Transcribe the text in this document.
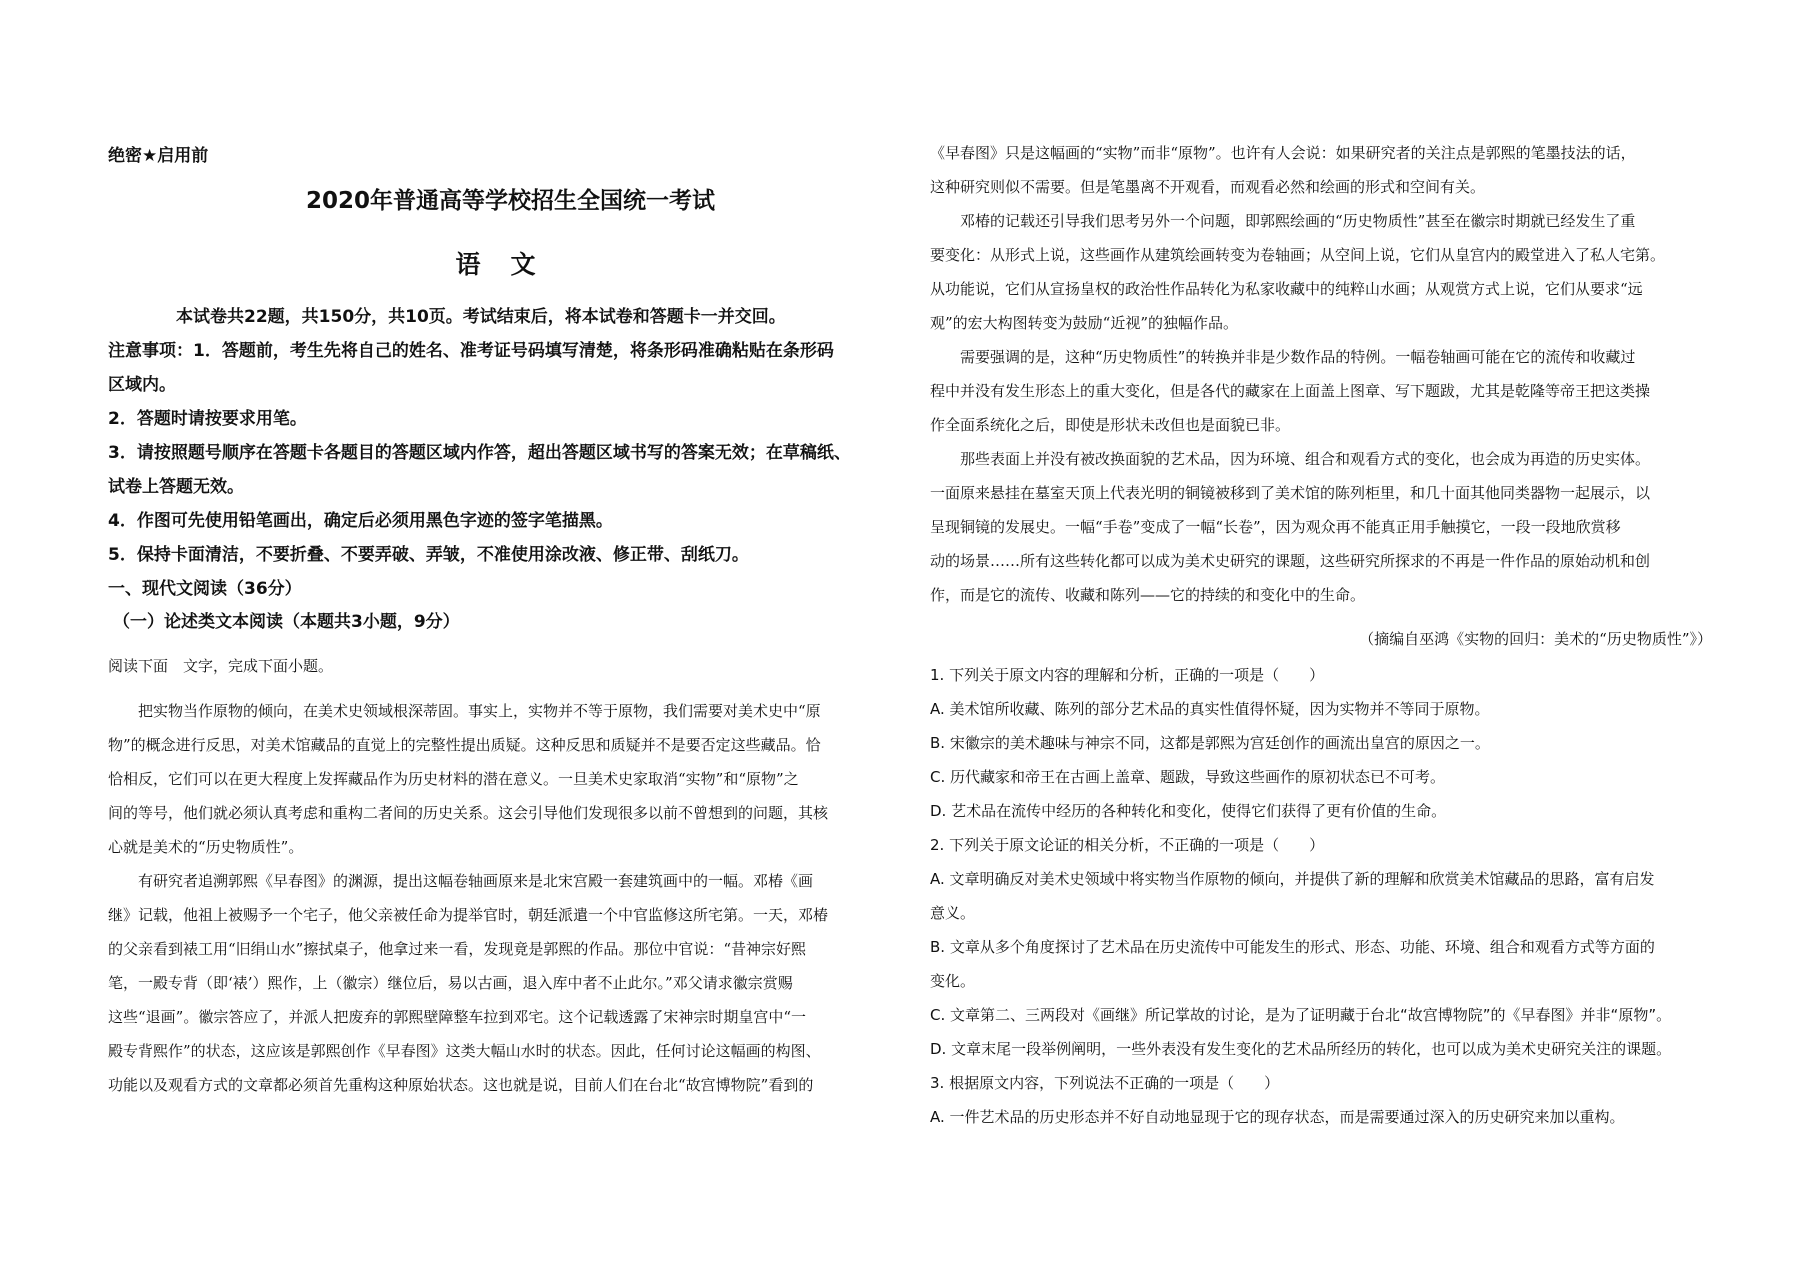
绝密★启用前
2020年普通高等学校招生全国统一考试
语文
本试卷共22题，共150分，共10页。考试结束后，将本试卷和答题卡一并交回。
注意事项：1．答题前，考生先将自己的姓名、准考证号码填写清楚，将条形码准确粘贴在条形码
区域内。
2．答题时请按要求用笔。
3．请按照题号顺序在答题卡各题目的答题区域内作答，超出答题区域书写的答案无效；在草稿纸、
试卷上答题无效。
4．作图可先使用铅笔画出，确定后必须用黑色字迹的签字笔描黑。
5．保持卡面清洁，不要折叠、不要弄破、弄皱，不准使用涂改液、修正带、刮纸刀。
一、现代文阅读（36分）
（一）论述类文本阅读（本题共3小题，9分）
阅读下面　文字，完成下面小题。
　　把实物当作原物的倾向，在美术史领域根深蒂固。事实上，实物并不等于原物，我们需要对美术史中“原
物”的概念进行反思，对美术馆藏品的直觉上的完整性提出质疑。这种反思和质疑并不是要否定这些藏品。恰
恰相反，它们可以在更大程度上发挥藏品作为历史材料的潜在意义。一旦美术史家取消“实物”和“原物”之
间的等号，他们就必须认真考虑和重构二者间的历史关系。这会引导他们发现很多以前不曾想到的问题，其核
心就是美术的“历史物质性”。
　　有研究者追溯郭熙《早春图》的渊源，提出这幅卷轴画原来是北宋宫殿一套建筑画中的一幅。邓椿《画
继》记载，他祖上被赐予一个宅子，他父亲被任命为提举官时，朝廷派遣一个中官监修这所宅第。一天，邓椿
的父亲看到裱工用“旧绢山水”擦拭桌子，他拿过来一看，发现竟是郭熙的作品。那位中官说：“昔神宗好熙
笔，一殿专背（即‘裱’）熙作，上（徽宗）继位后，易以古画，退入库中者不止此尔。”邓父请求徽宗赏赐
这些“退画”。徽宗答应了，并派人把废弃的郭熙壁障整车拉到邓宅。这个记载透露了宋神宗时期皇宫中“一
殿专背熙作”的状态，这应该是郭熙创作《早春图》这类大幅山水时的状态。因此，任何讨论这幅画的构图、
功能以及观看方式的文章都必须首先重构这种原始状态。这也就是说，目前人们在台北“故宫博物院”看到的
《早春图》只是这幅画的“实物”而非“原物”。也许有人会说：如果研究者的关注点是郭熙的笔墨技法的话，
这种研究则似不需要。但是笔墨离不开观看，而观看必然和绘画的形式和空间有关。
　　邓椿的记载还引导我们思考另外一个问题，即郭熙绘画的“历史物质性”甚至在徽宗时期就已经发生了重
要变化：从形式上说，这些画作从建筑绘画转变为卷轴画；从空间上说，它们从皇宫内的殿堂进入了私人宅第。
从功能说，它们从宣扬皇权的政治性作品转化为私家收藏中的纯粹山水画；从观赏方式上说，它们从要求“远
观”的宏大构图转变为鼓励“近视”的独幅作品。
　　需要强调的是，这种“历史物质性”的转换并非是少数作品的特例。一幅卷轴画可能在它的流传和收藏过
程中并没有发生形态上的重大变化，但是各代的藏家在上面盖上图章、写下题跋，尤其是乾隆等帝王把这类操
作全面系统化之后，即使是形状未改但也是面貌已非。
　　那些表面上并没有被改换面貌的艺术品，因为环境、组合和观看方式的变化，也会成为再造的历史实体。
一面原来悬挂在墓室天顶上代表光明的铜镜被移到了美术馆的陈列柜里，和几十面其他同类器物一起展示，以
呈现铜镜的发展史。一幅“手卷”变成了一幅“长卷”，因为观众再不能真正用手触摸它，一段一段地欣赏移
动的场景……所有这些转化都可以成为美术史研究的课题，这些研究所探求的不再是一件作品的原始动机和创
作，而是它的流传、收藏和陈列——它的持续的和变化中的生命。
（摘编自巫鸿《实物的回归：美术的“历史物质性”》）
1. 下列关于原文内容的理解和分析，正确的一项是（　　）
A. 美术馆所收藏、陈列的部分艺术品的真实性值得怀疑，因为实物并不等同于原物。
B. 宋徽宗的美术趣味与神宗不同，这都是郭熙为宫廷创作的画流出皇宫的原因之一。
C. 历代藏家和帝王在古画上盖章、题跋，导致这些画作的原初状态已不可考。
D. 艺术品在流传中经历的各种转化和变化，使得它们获得了更有价值的生命。
2. 下列关于原文论证的相关分析，不正确的一项是（　　）
A. 文章明确反对美术史领域中将实物当作原物的倾向，并提供了新的理解和欣赏美术馆藏品的思路，富有启发
意义。
B. 文章从多个角度探讨了艺术品在历史流传中可能发生的形式、形态、功能、环境、组合和观看方式等方面的
变化。
C. 文章第二、三两段对《画继》所记掌故的讨论，是为了证明藏于台北“故宫博物院”的《早春图》并非“原物”。
D. 文章末尾一段举例阐明，一些外表没有发生变化的艺术品所经历的转化，也可以成为美术史研究关注的课题。
3. 根据原文内容，下列说法不正确的一项是（　　）
A. 一件艺术品的历史形态并不好自动地显现于它的现存状态，而是需要通过深入的历史研究来加以重构。
